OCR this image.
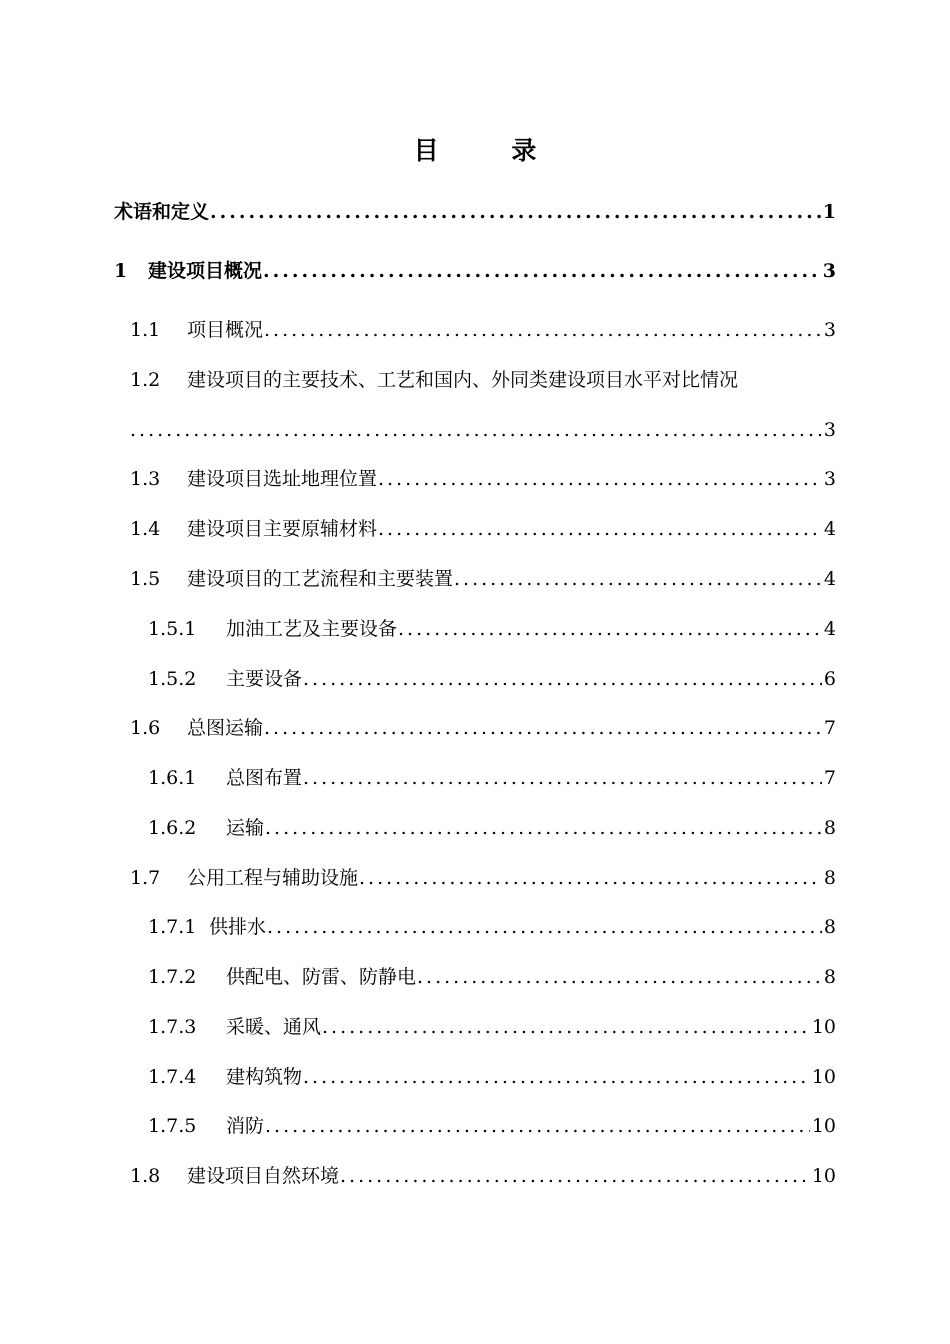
目 录
术语和定义 .....	1
1	建设项目概况 .....	3
1.1	项目概况 .....	3
1.2	建设项目的主要技术、工艺和国内、外同类建设项目水平对比情况
.....
3
1.3	建设项目选址地理位置 .....	3
1.4	建设项目主要原辅材料 .....	4
1.5	建设项目的工艺流程和主要装置 .....	4
1.5.1	加油工艺及主要设备 .....	4
1.5.2	主要设备 .....	6
1.6	总图运输 .....	7
1.6.1	总图布置 .....	7
1.6.2	运输 .....	8
1.7	公用工程与辅助设施 .....	8
1.7.1 供排水 .....	8
1.7.2	供配电、防雷、防静电 .....	8
1.7.3	采暖、通风 .....	10
1.7.4	建构筑物 .....	10
1.7.5	消防 .....	10
1.8	建设项目自然环境 .....	10
